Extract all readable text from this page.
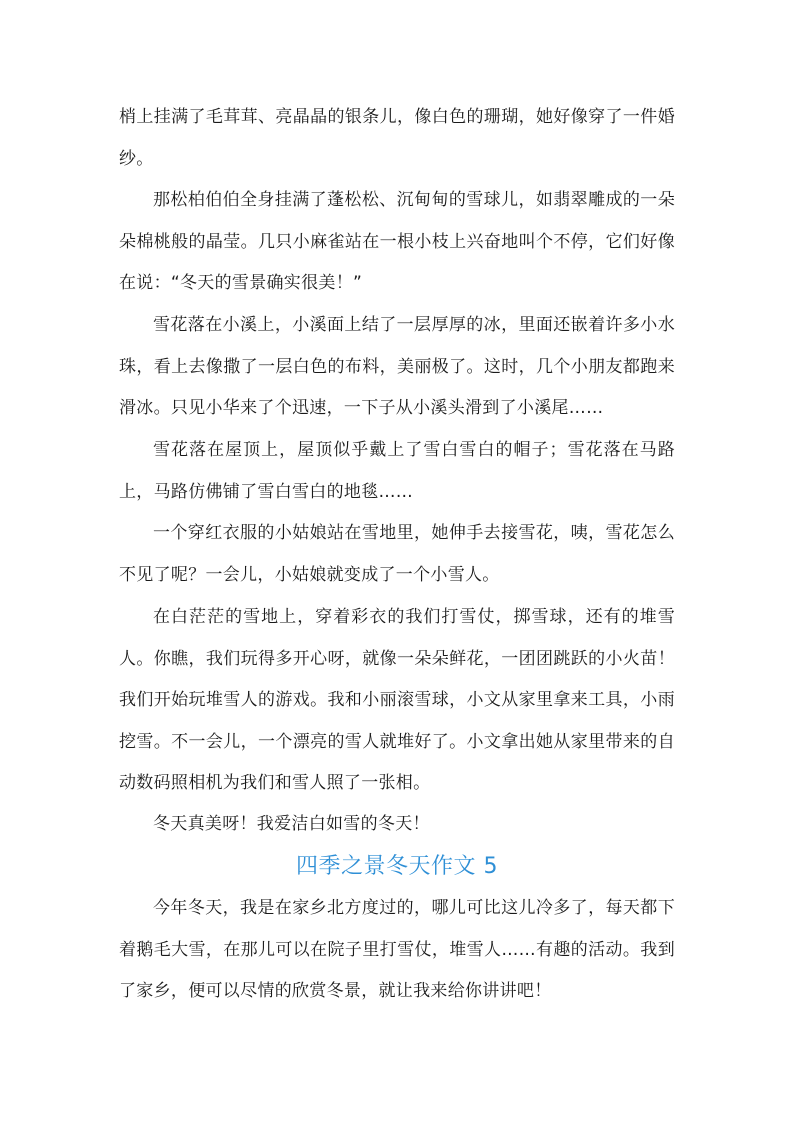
梢上挂满了毛茸茸、亮晶晶的银条儿，像白色的珊瑚，她好像穿了一件婚纱。

那松柏伯伯全身挂满了蓬松松、沉甸甸的雪球儿，如翡翠雕成的一朵朵棉桃般的晶莹。几只小麻雀站在一根小枝上兴奋地叫个不停，它们好像在说：“冬天的雪景确实很美！”

雪花落在小溪上，小溪面上结了一层厚厚的冰，里面还嵌着许多小水珠，看上去像撒了一层白色的布料，美丽极了。这时，几个小朋友都跑来滑冰。只见小华来了个迅速，一下子从小溪头滑到了小溪尾……

雪花落在屋顶上，屋顶似乎戴上了雪白雪白的帽子；雪花落在马路上，马路仿佛铺了雪白雪白的地毯……

一个穿红衣服的小姑娘站在雪地里，她伸手去接雪花，咦，雪花怎么不见了呢？一会儿，小姑娘就变成了一个小雪人。

在白茫茫的雪地上，穿着彩衣的我们打雪仗，掷雪球，还有的堆雪人。你瞧，我们玩得多开心呀，就像一朵朵鲜花，一团团跳跃的小火苗！我们开始玩堆雪人的游戏。我和小丽滚雪球，小文从家里拿来工具，小雨挖雪。不一会儿，一个漂亮的雪人就堆好了。小文拿出她从家里带来的自动数码照相机为我们和雪人照了一张相。

冬天真美呀！我爱洁白如雪的冬天！

四季之景冬天作文 5

今年冬天，我是在家乡北方度过的，哪儿可比这儿冷多了，每天都下着鹅毛大雪，在那儿可以在院子里打雪仗，堆雪人……有趣的活动。我到了家乡，便可以尽情的欣赏冬景，就让我来给你讲讲吧！
